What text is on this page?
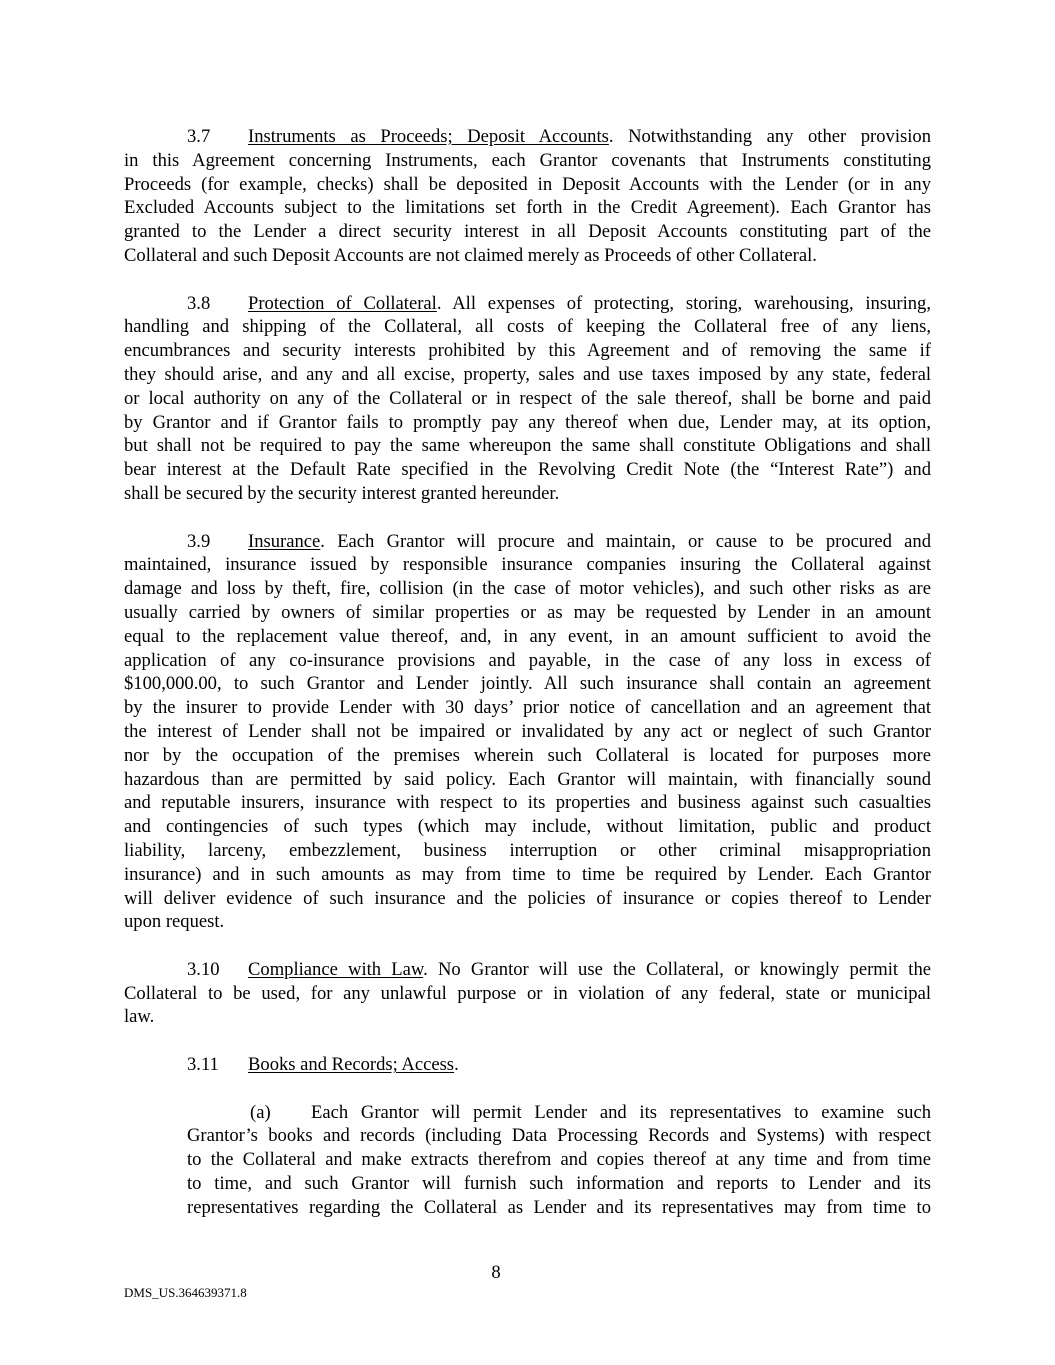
3.7 Instruments as Proceeds; Deposit Accounts. Notwithstanding any other provision
in this Agreement concerning Instruments, each Grantor covenants that Instruments constituting
Proceeds (for example, checks) shall be deposited in Deposit Accounts with the Lender (or in any
Excluded Accounts subject to the limitations set forth in the Credit Agreement). Each Grantor has
granted to the Lender a direct security interest in all Deposit Accounts constituting part of the
Collateral and such Deposit Accounts are not claimed merely as Proceeds of other Collateral.
3.8 Protection of Collateral. All expenses of protecting, storing, warehousing, insuring,
handling and shipping of the Collateral, all costs of keeping the Collateral free of any liens,
encumbrances and security interests prohibited by this Agreement and of removing the same if
they should arise, and any and all excise, property, sales and use taxes imposed by any state, federal
or local authority on any of the Collateral or in respect of the sale thereof, shall be borne and paid
by Grantor and if Grantor fails to promptly pay any thereof when due, Lender may, at its option,
but shall not be required to pay the same whereupon the same shall constitute Obligations and shall
bear interest at the Default Rate specified in the Revolving Credit Note (the “Interest Rate”) and
shall be secured by the security interest granted hereunder.
3.9 Insurance. Each Grantor will procure and maintain, or cause to be procured and
maintained, insurance issued by responsible insurance companies insuring the Collateral against
damage and loss by theft, fire, collision (in the case of motor vehicles), and such other risks as are
usually carried by owners of similar properties or as may be requested by Lender in an amount
equal to the replacement value thereof, and, in any event, in an amount sufficient to avoid the
application of any co-insurance provisions and payable, in the case of any loss in excess of
$100,000.00, to such Grantor and Lender jointly. All such insurance shall contain an agreement
by the insurer to provide Lender with 30 days’ prior notice of cancellation and an agreement that
the interest of Lender shall not be impaired or invalidated by any act or neglect of such Grantor
nor by the occupation of the premises wherein such Collateral is located for purposes more
hazardous than are permitted by said policy. Each Grantor will maintain, with financially sound
and reputable insurers, insurance with respect to its properties and business against such casualties
and contingencies of such types (which may include, without limitation, public and product
liability, larceny, embezzlement, business interruption or other criminal misappropriation
insurance) and in such amounts as may from time to time be required by Lender. Each Grantor
will deliver evidence of such insurance and the policies of insurance or copies thereof to Lender
upon request.
3.10 Compliance with Law. No Grantor will use the Collateral, or knowingly permit the
Collateral to be used, for any unlawful purpose or in violation of any federal, state or municipal
law.
3.11 Books and Records; Access.
(a) Each Grantor will permit Lender and its representatives to examine such
Grantor’s books and records (including Data Processing Records and Systems) with respect
to the Collateral and make extracts therefrom and copies thereof at any time and from time
to time, and such Grantor will furnish such information and reports to Lender and its
representatives regarding the Collateral as Lender and its representatives may from time to
8
DMS_US.364639371.8
